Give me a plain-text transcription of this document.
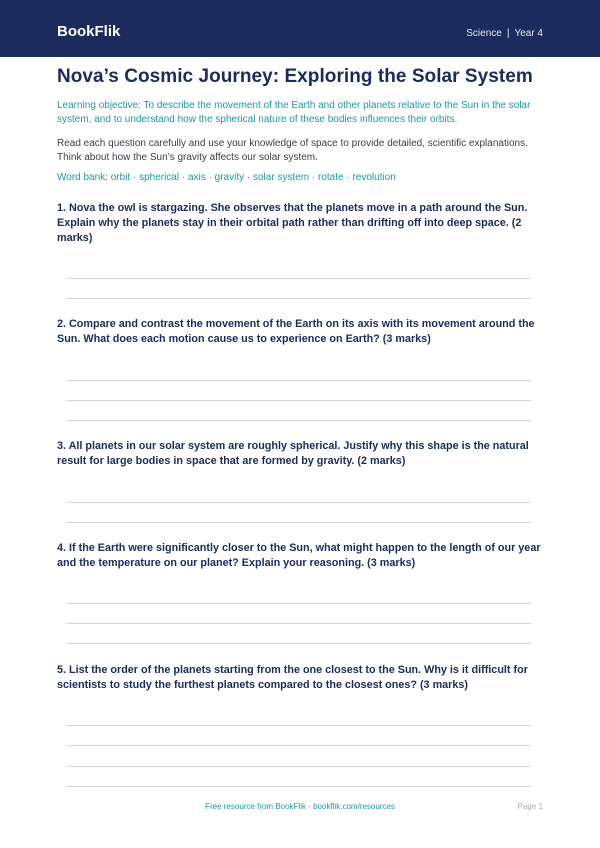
BookFlik	Science | Year 4
Nova’s Cosmic Journey: Exploring the Solar System

Learning objective: To describe the movement of the Earth and other planets relative to the Sun in the solar system, and to understand how the spherical nature of these bodies influences their orbits.

Read each question carefully and use your knowledge of space to provide detailed, scientific explanations. Think about how the Sun’s gravity affects our solar system.

Word bank: orbit · spherical · axis · gravity · solar system · rotate · revolution

1. Nova the owl is stargazing. She observes that the planets move in a path around the Sun. Explain why the planets stay in their orbital path rather than drifting off into deep space. (2 marks)

2. Compare and contrast the movement of the Earth on its axis with its movement around the Sun. What does each motion cause us to experience on Earth? (3 marks)

3. All planets in our solar system are roughly spherical. Justify why this shape is the natural result for large bodies in space that are formed by gravity. (2 marks)

4. If the Earth were significantly closer to the Sun, what might happen to the length of our year and the temperature on our planet? Explain your reasoning. (3 marks)

5. List the order of the planets starting from the one closest to the Sun. Why is it difficult for scientists to study the furthest planets compared to the closest ones? (3 marks)

Free resource from BookFlik · bookflik.com/resources	Page 1
